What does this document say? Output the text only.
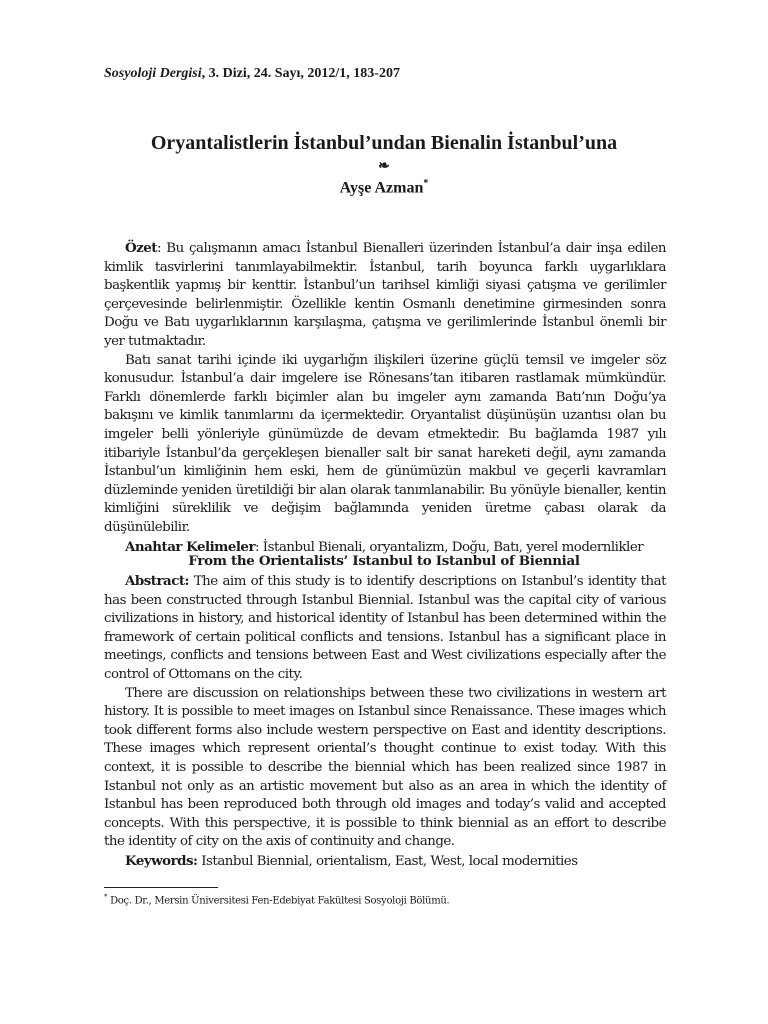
Sosyoloji Dergisi, 3. Dizi, 24. Sayı, 2012/1, 183-207
Oryantalistlerin İstanbul’undan Bienalin İstanbul’una
❧
Ayşe Azman*

Özet: Bu çalışmanın amacı İstanbul Bienalleri üzerinden İstanbul’a dair inşa edilen kimlik tasvirlerini tanımlayabilmektir. İstanbul, tarih boyunca farklı uygarlıklara başkentlik yapmış bir kenttir. İstanbul’un tarihsel kimliği siyasi çatışma ve gerilimler çerçevesinde belirlenmiştir. Özellikle kentin Osmanlı denetimine girmesinden sonra Doğu ve Batı uygarlıklarının karşılaşma, çatışma ve gerilimlerinde İstanbul önemli bir yer tutmaktadır.

Batı sanat tarihi içinde iki uygarlığın ilişkileri üzerine güçlü temsil ve imgeler söz konusudur. İstanbul’a dair imgelere ise Rönesans’tan itibaren rastlamak mümkündür. Farklı dönemlerde farklı biçimler alan bu imgeler aynı zamanda Batı’nın Doğu’ya bakışını ve kimlik tanımlarını da içermektedir. Oryantalist düşünüşün uzantısı olan bu imgeler belli yönleriyle günümüzde de devam etmektedir. Bu bağlamda 1987 yılı itibariyle İstanbul’da gerçekleşen bienaller salt bir sanat hareketi değil, aynı zamanda İstanbul’un kimliğinin hem eski, hem de günümüzün makbul ve geçerli kavramları düzleminde yeniden üretildiği bir alan olarak tanımlanabilir. Bu yönüyle bienaller, kentin kimliğini süreklilik ve değişim bağlamında yeniden üretme çabası olarak da düşünülebilir.

Anahtar Kelimeler: İstanbul Bienali, oryantalizm, Doğu, Batı, yerel modernlikler

From the Orientalists’ Istanbul to Istanbul of Biennial

Abstract: The aim of this study is to identify descriptions on Istanbul’s identity that has been constructed through Istanbul Biennial. Istanbul was the capital city of various civilizations in history, and historical identity of Istanbul has been determined within the framework of certain political conflicts and tensions. Istanbul has a significant place in meetings, conflicts and tensions between East and West civilizations especially after the control of Ottomans on the city.

There are discussion on relationships between these two civilizations in western art history. It is possible to meet images on Istanbul since Renaissance. These images which took different forms also include western perspective on East and identity descriptions. These images which represent oriental’s thought continue to exist today. With this context, it is possible to describe the biennial which has been realized since 1987 in Istanbul not only as an artistic movement but also as an area in which the identity of Istanbul has been reproduced both through old images and today’s valid and accepted concepts. With this perspective, it is possible to think biennial as an effort to describe the identity of city on the axis of continuity and change.

Keywords: Istanbul Biennial, orientalism, East, West, local modernities

* Doç. Dr., Mersin Üniversitesi Fen-Edebiyat Fakültesi Sosyoloji Bölümü.
